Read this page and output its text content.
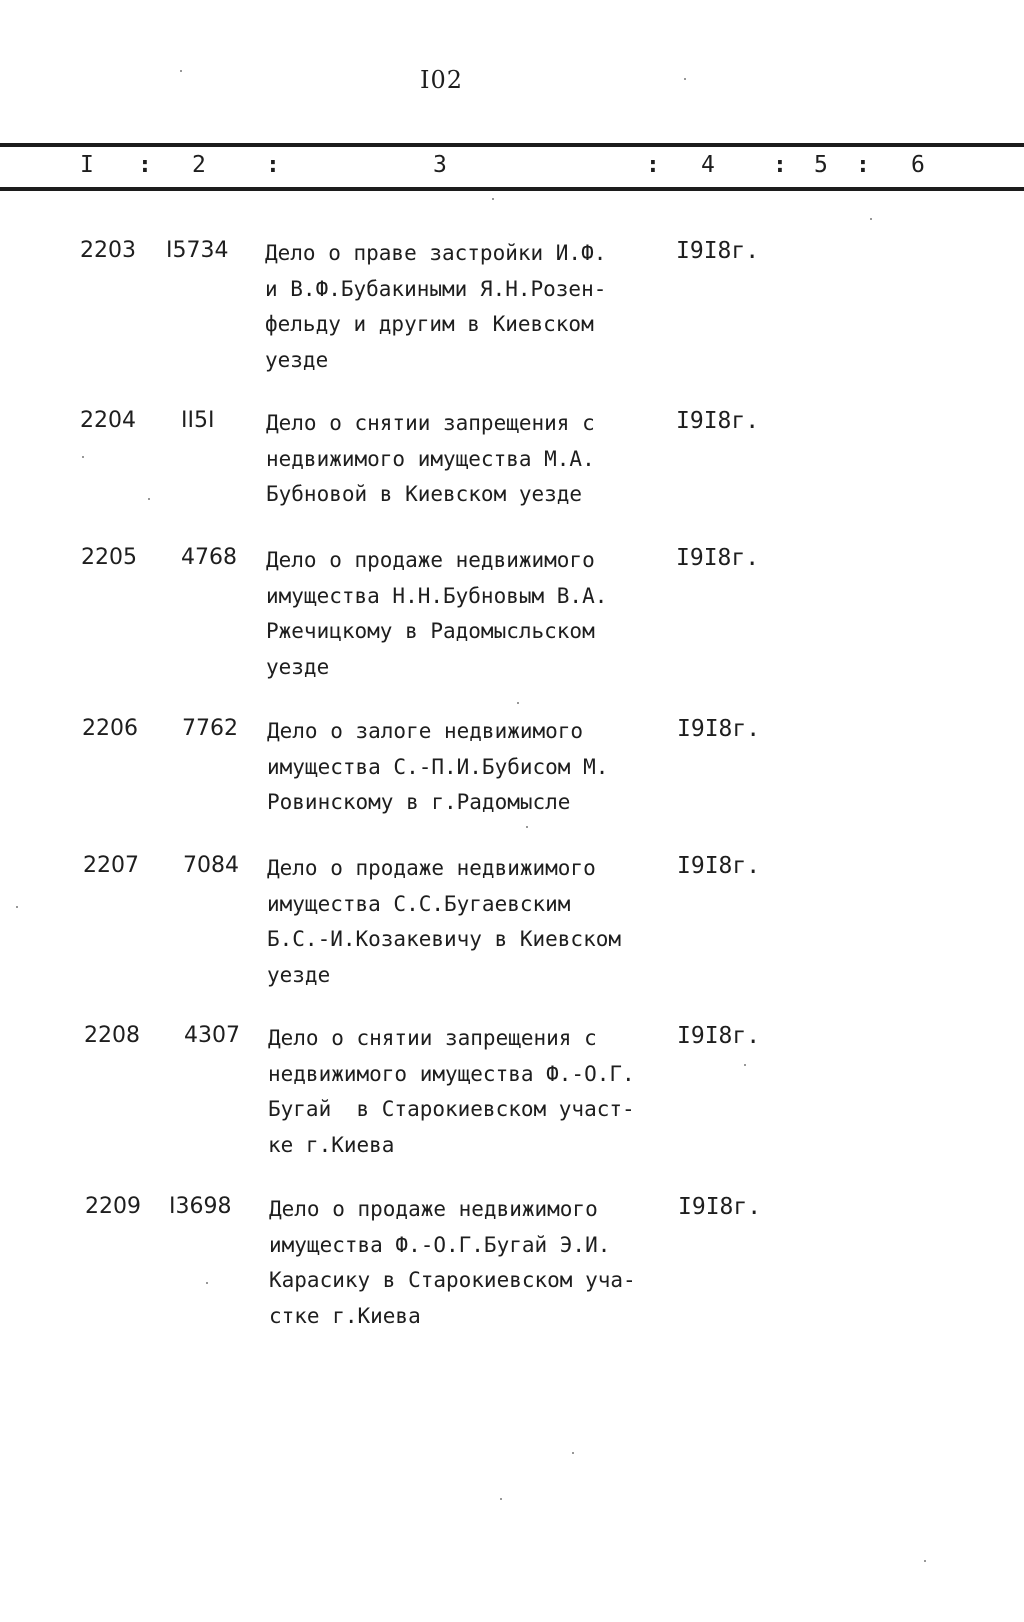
I02
I : 2	:	3	: 4	: 5 : 6
2203 I5734 Дело о праве застройки И.Ф.
и В.Ф.Бубакиными Я.Н.Розен-
фельду и другим в Киевском
уезде
I9I8г.
2204 II5I Дело о снятии запрещения с
недвижимого имущества М.А.
Бубновой в Киевском уезде
I9I8г.
2205 4768 Дело о продаже недвижимого
имущества Н.Н.Бубновым В.А.
Ржечицкому в Радомысльском
уезде
I9I8г.
2206 7762 Дело о залоге недвижимого
имущества С.-П.И.Бубисом М.
Ровинскому в г.Радомысле
I9I8г.
2207 7084 Дело о продаже недвижимого
имущества С.С.Бугаевским
Б.С.-И.Козакевичу в Киевском
уезде
I9I8г.
2208 4307 Дело о снятии запрещения с
недвижимого имущества Ф.-О.Г.
Бугай  в Старокиевском участ-
ке г.Киева
I9I8г.
2209 I3698 Дело о продаже недвижимого
имущества Ф.-О.Г.Бугай Э.И.
Карасику в Старокиевском уча-
стке г.Киева
I9I8г.
